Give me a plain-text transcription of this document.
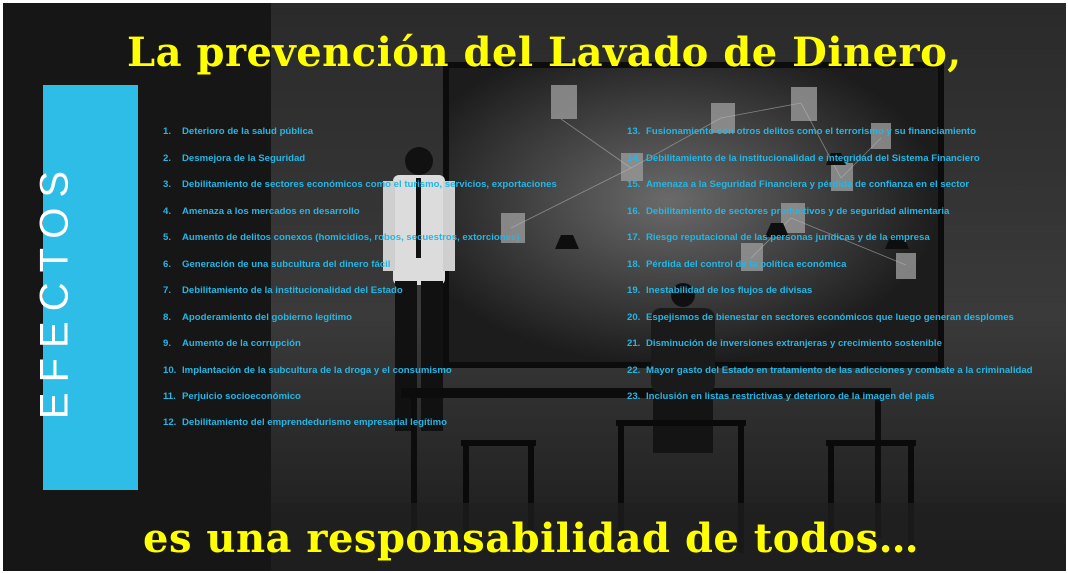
La prevención del Lavado de Dinero,
es una responsabilidad de todos…
EFECTOS
1. Deterioro de la salud pública
2. Desmejora de la Seguridad
3. Debilitamiento de sectores económicos como el turismo, servicios, exportaciones
4. Amenaza a los mercados en desarrollo
5. Aumento de delitos conexos (homicidios, robos, secuestros, extorciones)
6. Generación de una subcultura del dinero fácil
7. Debilitamiento de la institucionalidad del Estado
8. Apoderamiento del gobierno legítimo
9. Aumento de la corrupción
10. Implantación de la subcultura de la droga y el consumismo
11. Perjuicio socioeconómico
12. Debilitamiento del emprendedurismo empresarial legítimo
13. Fusionamiento con otros delitos como el terrorismo y su financiamiento
14. Debilitamiento de la institucionalidad e integridad del Sistema Financiero
15. Amenaza a la Seguridad Financiera y pérdida de confianza en el sector
16. Debilitamiento de sectores productivos y de seguridad alimentaria
17. Riesgo reputacional de las personas jurídicas y de la empresa
18. Pérdida del control de la política económica
19. Inestabilidad de los flujos de divisas
20. Espejismos de bienestar en sectores económicos que luego generan desplomes
21. Disminución de inversiones extranjeras y crecimiento sostenible
22. Mayor gasto del Estado en tratamiento de las adicciones y combate a la criminalidad
23. Inclusión en listas restrictivas y deterioro de la imagen del país
